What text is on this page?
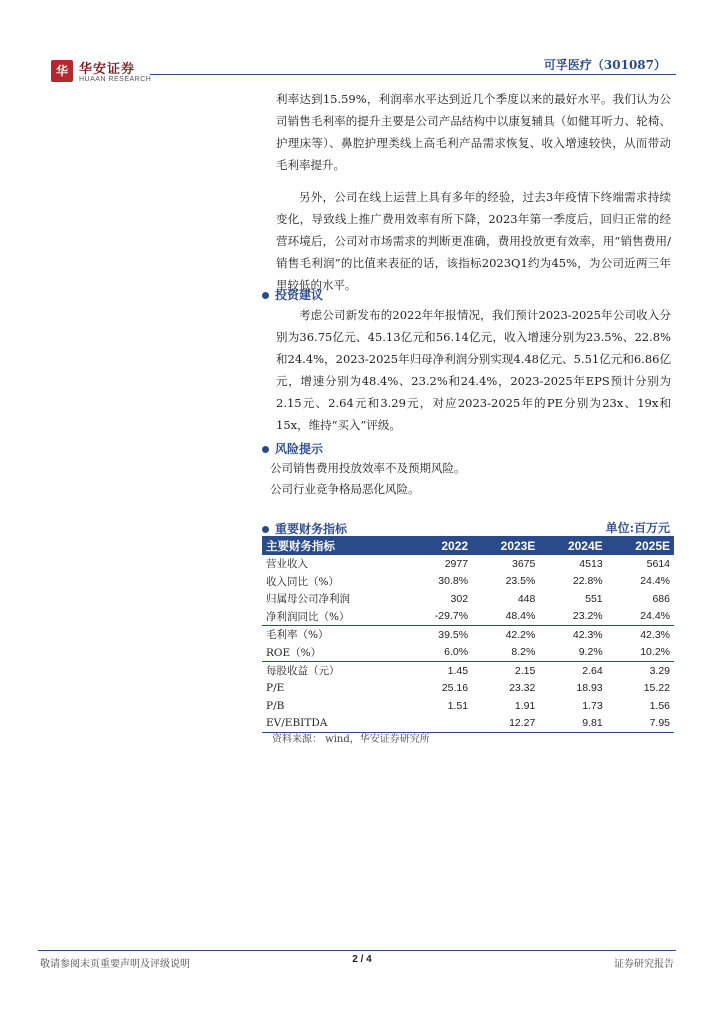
华 华安证券
HUAAN RESEARCH
可孚医疗（301087）

利率达到15.59%，利润率水平达到近几个季度以来的最好水平。我们认为公司销售毛利率的提升主要是公司产品结构中以康复辅具（如健耳听力、轮椅、护理床等）、鼻腔护理类线上高毛利产品需求恢复、收入增速较快，从而带动毛利率提升。

另外，公司在线上运营上具有多年的经验，过去3年疫情下终端需求持续变化，导致线上推广费用效率有所下降，2023年第一季度后，回归正常的经营环境后，公司对市场需求的判断更准确，费用投放更有效率，用“销售费用/销售毛利润”的比值来表征的话，该指标2023Q1约为45%，为公司近两三年里较低的水平。

投资建议

考虑公司新发布的2022年年报情况，我们预计2023-2025年公司收入分别为36.75亿元、45.13亿元和56.14亿元，收入增速分别为23.5%、22.8%和24.4%，2023-2025年归母净利润分别实现4.48亿元、5.51亿元和6.86亿元，增速分别为48.4%、23.2%和24.4%，2023-2025年EPS预计分别为2.15元、2.64元和3.29元，对应2023-2025年的PE分别为23x、19x和15x，维持“买入”评级。

风险提示
公司销售费用投放效率不及预期风险。
公司行业竞争格局恶化风险。
重要财务指标	单位:百万元
主要财务指标	2022	2023E	2024E	2025E
营业收入	2977	3675	4513	5614
收入同比（%）	30.8%	23.5%	22.8%	24.4%
归属母公司净利润	302	448	551	686
净利润同比（%）	-29.7%	48.4%	23.2%	24.4%
毛利率（%）	39.5%	42.2%	42.3%	42.3%
ROE（%）	6.0%	8.2%	9.2%	10.2%
每股收益（元）	1.45	2.15	2.64	3.29
P/E	25.16	23.32	18.93	15.22
P/B	1.51	1.91	1.73	1.56
EV/EBITDA		12.27	9.81	7.95
资料来源： wind，华安证券研究所
敬请参阅末页重要声明及评级说明	2 / 4	证券研究报告
